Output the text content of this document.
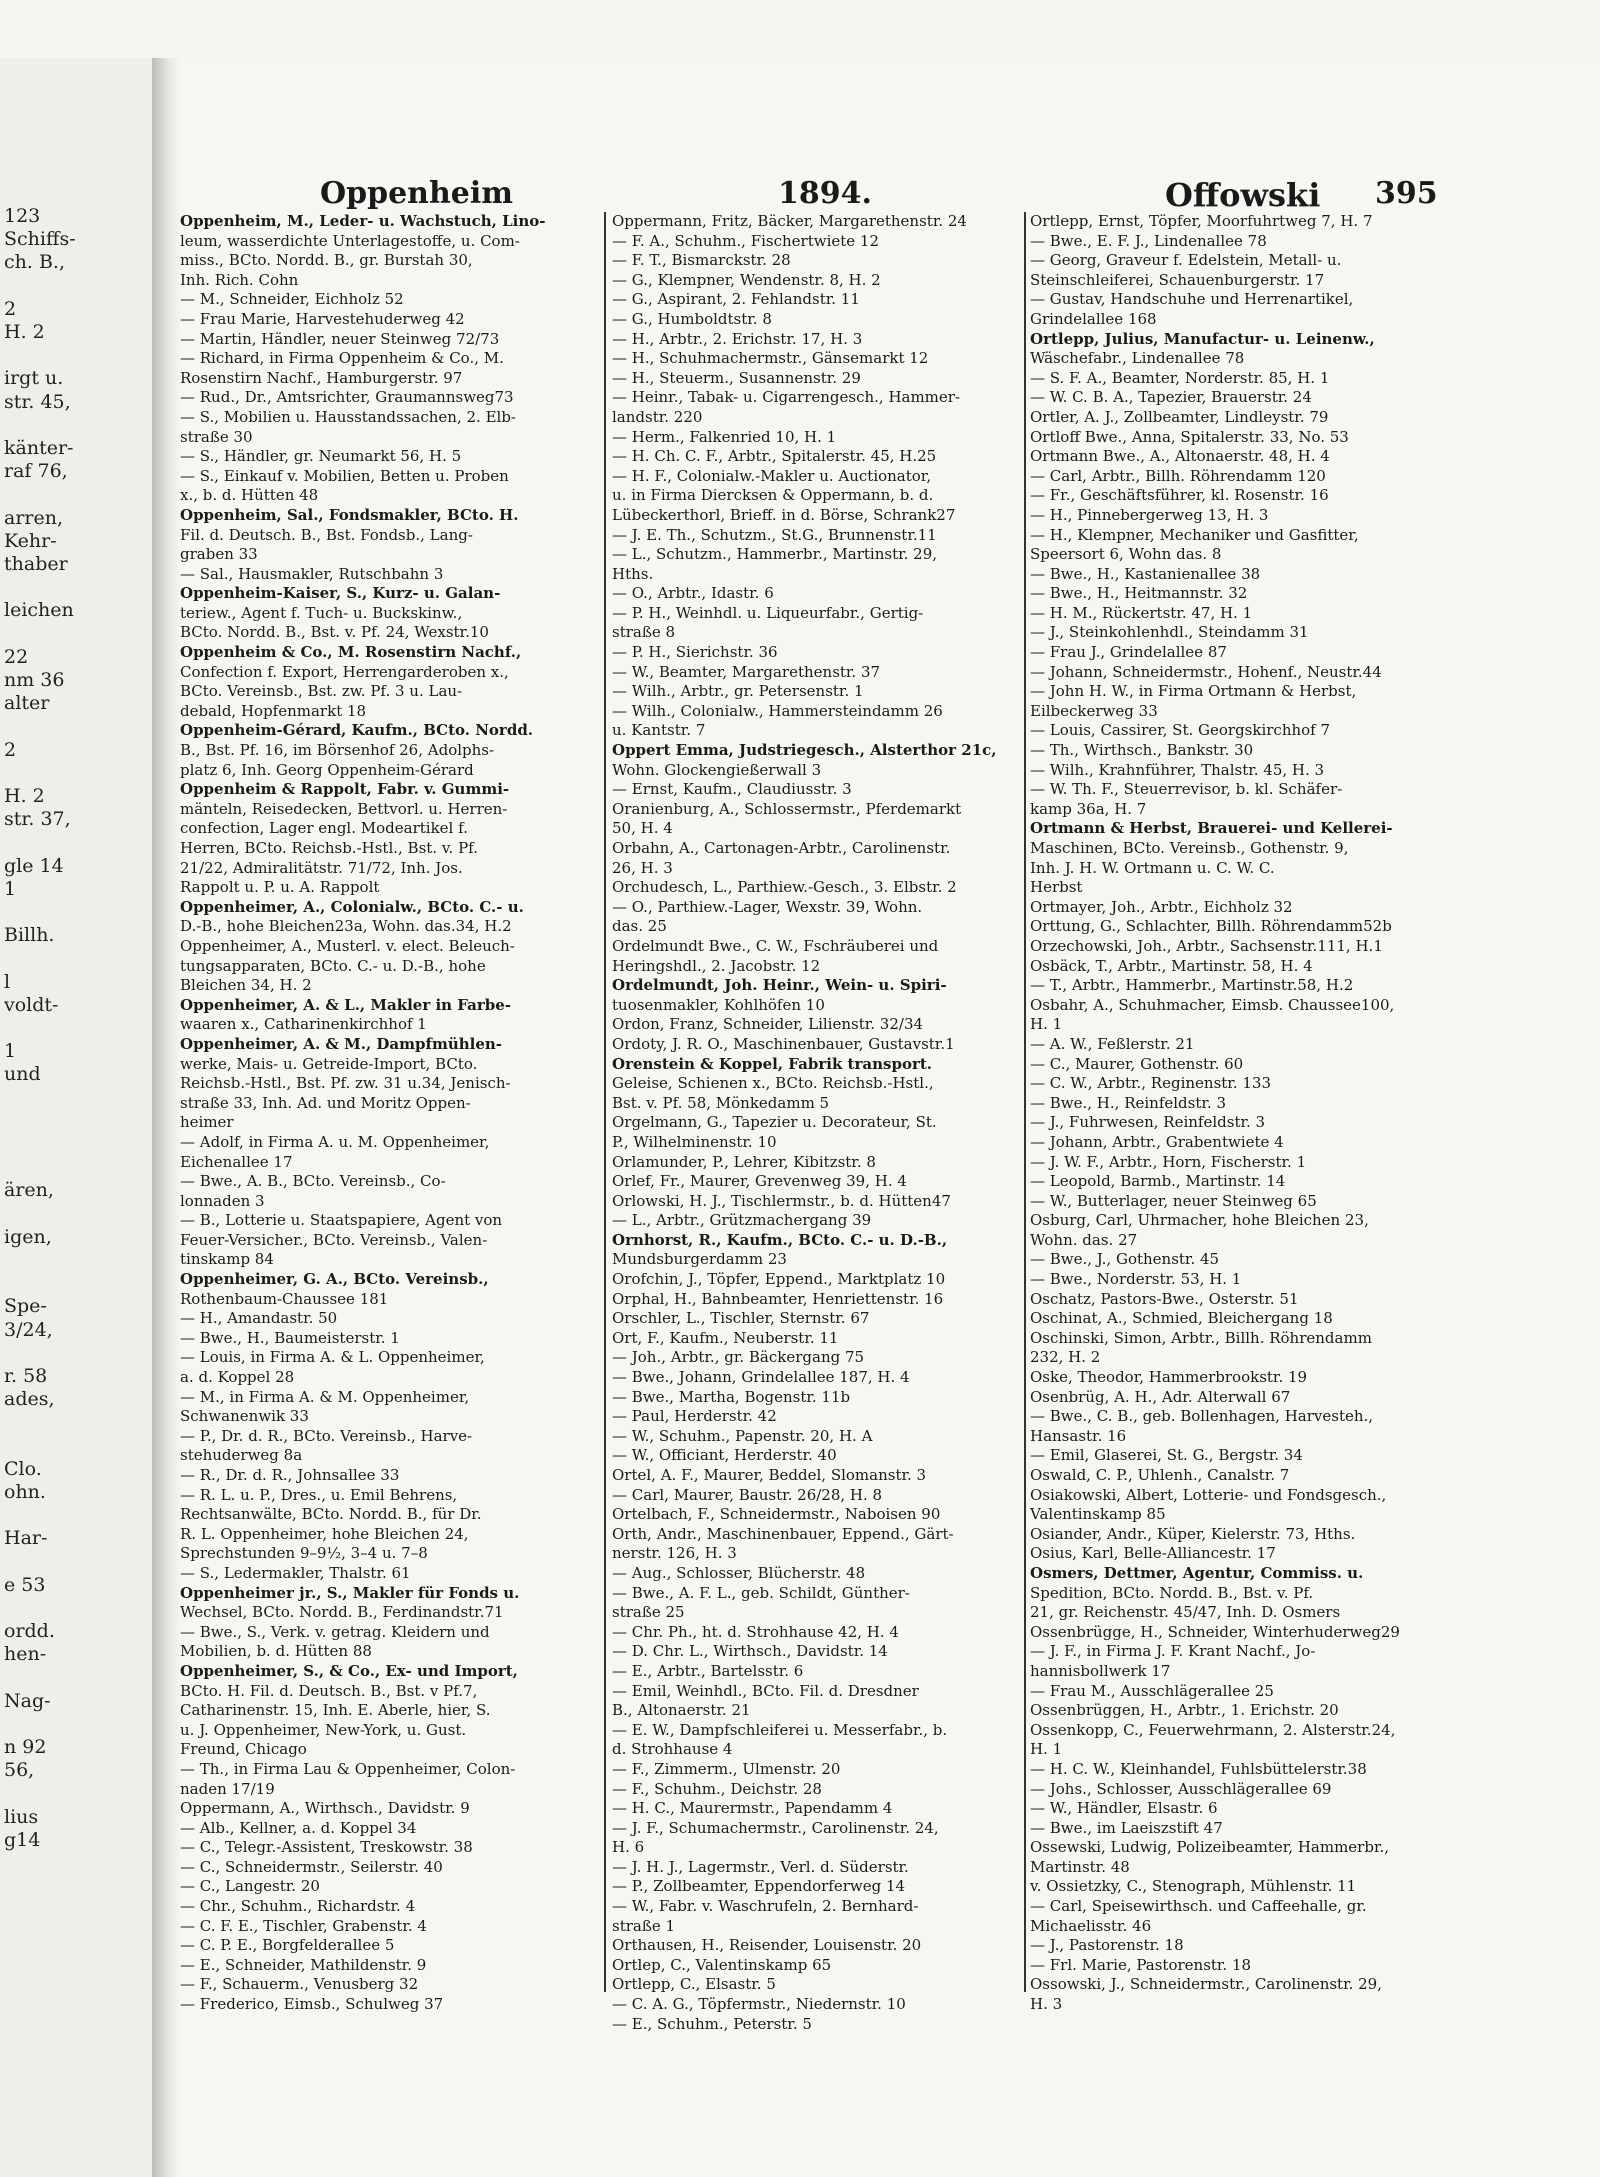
123
Schiffs-
ch. B.,
2
H. 2
irgt u.
str. 45,
känter-
raf 76,
arren,
Kehr-
thaber
leichen
22
nm 36
alter
2
H. 2
str. 37,
gle 14
1
Billh.
l
voldt-
1
und
ären,
igen,
Spe-
3/24,
r. 58
ades,
Clo.
ohn.
Har-
e 53
ordd.
hen-
Nag-
n 92
56,
lius
g14
Oppenheim	1894.	Offowski 395
Oppenheim, M., Leder- u. Wachstuch, Lino-
leum, wasserdichte Unterlagestoffe, u. Com-
miss., BCto. Nordd. B., gr. Burstah 30,
Inh. Rich. Cohn
— M., Schneider, Eichholz 52
— Frau Marie, Harvestehuderweg 42
— Martin, Händler, neuer Steinweg 72/73
— Richard, in Firma Oppenheim & Co., M.
Rosenstirn Nachf., Hamburgerstr. 97
— Rud., Dr., Amtsrichter, Graumannsweg73
— S., Mobilien u. Hausstandssachen, 2. Elb-
straße 30
— S., Händler, gr. Neumarkt 56, H. 5
— S., Einkauf v. Mobilien, Betten u. Proben
x., b. d. Hütten 48
Oppenheim, Sal., Fondsmakler, BCto. H.
Fil. d. Deutsch. B., Bst. Fondsb., Lang-
graben 33
— Sal., Hausmakler, Rutschbahn 3
Oppenheim-Kaiser, S., Kurz- u. Galan-
teriew., Agent f. Tuch- u. Buckskinw.,
BCto. Nordd. B., Bst. v. Pf. 24, Wexstr.10
Oppenheim & Co., M. Rosenstirn Nachf.,
Confection f. Export, Herrengarderoben x.,
BCto. Vereinsb., Bst. zw. Pf. 3 u. Lau-
debald, Hopfenmarkt 18
Oppenheim-Gérard, Kaufm., BCto. Nordd.
B., Bst. Pf. 16, im Börsenhof 26, Adolphs-
platz 6, Inh. Georg Oppenheim-Gérard
Oppenheim & Rappolt, Fabr. v. Gummi-
mänteln, Reisedecken, Bettvorl. u. Herren-
confection, Lager engl. Modeartikel f.
Herren, BCto. Reichsb.-Hstl., Bst. v. Pf.
21/22, Admiralitätstr. 71/72, Inh. Jos.
Rappolt u. P. u. A. Rappolt
Oppenheimer, A., Colonialw., BCto. C.- u.
D.-B., hohe Bleichen23a, Wohn. das.34, H.2
Oppenheimer, A., Musterl. v. elect. Beleuch-
tungsapparaten, BCto. C.- u. D.-B., hohe
Bleichen 34, H. 2
Oppenheimer, A. & L., Makler in Farbe-
waaren x., Catharinenkirchhof 1
Oppenheimer, A. & M., Dampfmühlen-
werke, Mais- u. Getreide-Import, BCto.
Reichsb.-Hstl., Bst. Pf. zw. 31 u.34, Jenisch-
straße 33, Inh. Ad. und Moritz Oppen-
heimer
— Adolf, in Firma A. u. M. Oppenheimer,
Eichenallee 17
— Bwe., A. B., BCto. Vereinsb., Co-
lonnaden 3
— B., Lotterie u. Staatspapiere, Agent von
Feuer-Versicher., BCto. Vereinsb., Valen-
tinskamp 84
Oppenheimer, G. A., BCto. Vereinsb.,
Rothenbaum-Chaussee 181
— H., Amandastr. 50
— Bwe., H., Baumeisterstr. 1
— Louis, in Firma A. & L. Oppenheimer,
a. d. Koppel 28
— M., in Firma A. & M. Oppenheimer,
Schwanenwik 33
— P., Dr. d. R., BCto. Vereinsb., Harve-
stehuderweg 8a
— R., Dr. d. R., Johnsallee 33
— R. L. u. P., Dres., u. Emil Behrens,
Rechtsanwälte, BCto. Nordd. B., für Dr.
R. L. Oppenheimer, hohe Bleichen 24,
Sprechstunden 9–9½, 3–4 u. 7–8
— S., Ledermakler, Thalstr. 61
Oppenheimer jr., S., Makler für Fonds u.
Wechsel, BCto. Nordd. B., Ferdinandstr.71
— Bwe., S., Verk. v. getrag. Kleidern und
Mobilien, b. d. Hütten 88
Oppenheimer, S., & Co., Ex- und Import,
BCto. H. Fil. d. Deutsch. B., Bst. v Pf.7,
Catharinenstr. 15, Inh. E. Aberle, hier, S.
u. J. Oppenheimer, New-York, u. Gust.
Freund, Chicago
— Th., in Firma Lau & Oppenheimer, Colon-
naden 17/19
Oppermann, A., Wirthsch., Davidstr. 9
— Alb., Kellner, a. d. Koppel 34
— C., Telegr.-Assistent, Treskowstr. 38
— C., Schneidermstr., Seilerstr. 40
— C., Langestr. 20
— Chr., Schuhm., Richardstr. 4
— C. F. E., Tischler, Grabenstr. 4
— C. P. E., Borgfelderallee 5
— E., Schneider, Mathildenstr. 9
— F., Schauerm., Venusberg 32
— Frederico, Eimsb., Schulweg 37
Oppermann, Fritz, Bäcker, Margarethenstr. 24
— F. A., Schuhm., Fischertwiete 12
— F. T., Bismarckstr. 28
— G., Klempner, Wendenstr. 8, H. 2
— G., Aspirant, 2. Fehlandstr. 11
— G., Humboldtstr. 8
— H., Arbtr., 2. Erichstr. 17, H. 3
— H., Schuhmachermstr., Gänsemarkt 12
— H., Steuerm., Susannenstr. 29
— Heinr., Tabak- u. Cigarrengesch., Hammer-
landstr. 220
— Herm., Falkenried 10, H. 1
— H. Ch. C. F., Arbtr., Spitalerstr. 45, H.25
— H. F., Colonialw.-Makler u. Auctionator,
u. in Firma Diercksen & Oppermann, b. d.
Lübeckerthorl, Brieff. in d. Börse, Schrank27
— J. E. Th., Schutzm., St.G., Brunnenstr.11
— L., Schutzm., Hammerbr., Martinstr. 29,
Hths.
— O., Arbtr., Idastr. 6
— P. H., Weinhdl. u. Liqueurfabr., Gertig-
straße 8
— P. H., Sierichstr. 36
— W., Beamter, Margarethenstr. 37
— Wilh., Arbtr., gr. Petersenstr. 1
— Wilh., Colonialw., Hammersteindamm 26
u. Kantstr. 7
Oppert Emma, Judstriegesch., Alsterthor 21c,
Wohn. Glockengießerwall 3
— Ernst, Kaufm., Claudiusstr. 3
Oranienburg, A., Schlossermstr., Pferdemarkt
50, H. 4
Orbahn, A., Cartonagen-Arbtr., Carolinenstr.
26, H. 3
Orchudesch, L., Parthiew.-Gesch., 3. Elbstr. 2
— O., Parthiew.-Lager, Wexstr. 39, Wohn.
das. 25
Ordelmundt Bwe., C. W., Fschräuberei und
Heringshdl., 2. Jacobstr. 12
Ordelmundt, Joh. Heinr., Wein- u. Spiri-
tuosenmakler, Kohlhöfen 10
Ordon, Franz, Schneider, Lilienstr. 32/34
Ordoty, J. R. O., Maschinenbauer, Gustavstr.1
Orenstein & Koppel, Fabrik transport.
Geleise, Schienen x., BCto. Reichsb.-Hstl.,
Bst. v. Pf. 58, Mönkedamm 5
Orgelmann, G., Tapezier u. Decorateur, St.
P., Wilhelminenstr. 10
Orlamunder, P., Lehrer, Kibitzstr. 8
Orlef, Fr., Maurer, Grevenweg 39, H. 4
Orlowski, H. J., Tischlermstr., b. d. Hütten47
— L., Arbtr., Grützmachergang 39
Ornhorst, R., Kaufm., BCto. C.- u. D.-B.,
Mundsburgerdamm 23
Orofchin, J., Töpfer, Eppend., Marktplatz 10
Orphal, H., Bahnbeamter, Henriettenstr. 16
Orschler, L., Tischler, Sternstr. 67
Ort, F., Kaufm., Neuberstr. 11
— Joh., Arbtr., gr. Bäckergang 75
— Bwe., Johann, Grindelallee 187, H. 4
— Bwe., Martha, Bogenstr. 11b
— Paul, Herderstr. 42
— W., Schuhm., Papenstr. 20, H. A
— W., Officiant, Herderstr. 40
Ortel, A. F., Maurer, Beddel, Slomanstr. 3
— Carl, Maurer, Baustr. 26/28, H. 8
Ortelbach, F., Schneidermstr., Naboisen 90
Orth, Andr., Maschinenbauer, Eppend., Gärt-
nerstr. 126, H. 3
— Aug., Schlosser, Blücherstr. 48
— Bwe., A. F. L., geb. Schildt, Günther-
straße 25
— Chr. Ph., ht. d. Strohhause 42, H. 4
— D. Chr. L., Wirthsch., Davidstr. 14
— E., Arbtr., Bartelsstr. 6
— Emil, Weinhdl., BCto. Fil. d. Dresdner
B., Altonaerstr. 21
— E. W., Dampfschleiferei u. Messerfabr., b.
d. Strohhause 4
— F., Zimmerm., Ulmenstr. 20
— F., Schuhm., Deichstr. 28
— H. C., Maurermstr., Papendamm 4
— J. F., Schumachermstr., Carolinenstr. 24,
H. 6
— J. H. J., Lagermstr., Verl. d. Süderstr.
— P., Zollbeamter, Eppendorferweg 14
— W., Fabr. v. Waschrufeln, 2. Bernhard-
straße 1
Orthausen, H., Reisender, Louisenstr. 20
Ortlep, C., Valentinskamp 65
Ortlepp, C., Elsastr. 5
— C. A. G., Töpfermstr., Niedernstr. 10
— E., Schuhm., Peterstr. 5
Ortlepp, Ernst, Töpfer, Moorfuhrtweg 7, H. 7
— Bwe., E. F. J., Lindenallee 78
— Georg, Graveur f. Edelstein, Metall- u.
Steinschleiferei, Schauenburgerstr. 17
— Gustav, Handschuhe und Herrenartikel,
Grindelallee 168
Ortlepp, Julius, Manufactur- u. Leinenw.,
Wäschefabr., Lindenallee 78
— S. F. A., Beamter, Norderstr. 85, H. 1
— W. C. B. A., Tapezier, Brauerstr. 24
Ortler, A. J., Zollbeamter, Lindleystr. 79
Ortloff Bwe., Anna, Spitalerstr. 33, No. 53
Ortmann Bwe., A., Altonaerstr. 48, H. 4
— Carl, Arbtr., Billh. Röhrendamm 120
— Fr., Geschäftsführer, kl. Rosenstr. 16
— H., Pinnebergerweg 13, H. 3
— H., Klempner, Mechaniker und Gasfitter,
Speersort 6, Wohn das. 8
— Bwe., H., Kastanienallee 38
— Bwe., H., Heitmannstr. 32
— H. M., Rückertstr. 47, H. 1
— J., Steinkohlenhdl., Steindamm 31
— Frau J., Grindelallee 87
— Johann, Schneidermstr., Hohenf., Neustr.44
— John H. W., in Firma Ortmann & Herbst,
Eilbeckerweg 33
— Louis, Cassirer, St. Georgskirchhof 7
— Th., Wirthsch., Bankstr. 30
— Wilh., Krahnführer, Thalstr. 45, H. 3
— W. Th. F., Steuerrevisor, b. kl. Schäfer-
kamp 36a, H. 7
Ortmann & Herbst, Brauerei- und Kellerei-
Maschinen, BCto. Vereinsb., Gothenstr. 9,
Inh. J. H. W. Ortmann u. C. W. C.
Herbst
Ortmayer, Joh., Arbtr., Eichholz 32
Orttung, G., Schlachter, Billh. Röhrendamm52b
Orzechowski, Joh., Arbtr., Sachsenstr.111, H.1
Osbäck, T., Arbtr., Martinstr. 58, H. 4
— T., Arbtr., Hammerbr., Martinstr.58, H.2
Osbahr, A., Schuhmacher, Eimsb. Chaussee100,
H. 1
— A. W., Feßlerstr. 21
— C., Maurer, Gothenstr. 60
— C. W., Arbtr., Reginenstr. 133
— Bwe., H., Reinfeldstr. 3
— J., Fuhrwesen, Reinfeldstr. 3
— Johann, Arbtr., Grabentwiete 4
— J. W. F., Arbtr., Horn, Fischerstr. 1
— Leopold, Barmb., Martinstr. 14
— W., Butterlager, neuer Steinweg 65
Osburg, Carl, Uhrmacher, hohe Bleichen 23,
Wohn. das. 27
— Bwe., J., Gothenstr. 45
— Bwe., Norderstr. 53, H. 1
Oschatz, Pastors-Bwe., Osterstr. 51
Oschinat, A., Schmied, Bleichergang 18
Oschinski, Simon, Arbtr., Billh. Röhrendamm
232, H. 2
Oske, Theodor, Hammerbrookstr. 19
Osenbrüg, A. H., Adr. Alterwall 67
— Bwe., C. B., geb. Bollenhagen, Harvesteh.,
Hansastr. 16
— Emil, Glaserei, St. G., Bergstr. 34
Oswald, C. P., Uhlenh., Canalstr. 7
Osiakowski, Albert, Lotterie- und Fondsgesch.,
Valentinskamp 85
Osiander, Andr., Küper, Kielerstr. 73, Hths.
Osius, Karl, Belle-Alliancestr. 17
Osmers, Dettmer, Agentur, Commiss. u.
Spedition, BCto. Nordd. B., Bst. v. Pf.
21, gr. Reichenstr. 45/47, Inh. D. Osmers
Ossenbrügge, H., Schneider, Winterhuderweg29
— J. F., in Firma J. F. Krant Nachf., Jo-
hannisbollwerk 17
— Frau M., Ausschlägerallee 25
Ossenbrüggen, H., Arbtr., 1. Erichstr. 20
Ossenkopp, C., Feuerwehrmann, 2. Alsterstr.24,
H. 1
— H. C. W., Kleinhandel, Fuhlsbüttelerstr.38
— Johs., Schlosser, Ausschlägerallee 69
— W., Händler, Elsastr. 6
— Bwe., im Laeiszstift 47
Ossewski, Ludwig, Polizeibeamter, Hammerbr.,
Martinstr. 48
v. Ossietzky, C., Stenograph, Mühlenstr. 11
— Carl, Speisewirthsch. und Caffeehalle, gr.
Michaelisstr. 46
— J., Pastorenstr. 18
— Frl. Marie, Pastorenstr. 18
Ossowski, J., Schneidermstr., Carolinenstr. 29,
H. 3
